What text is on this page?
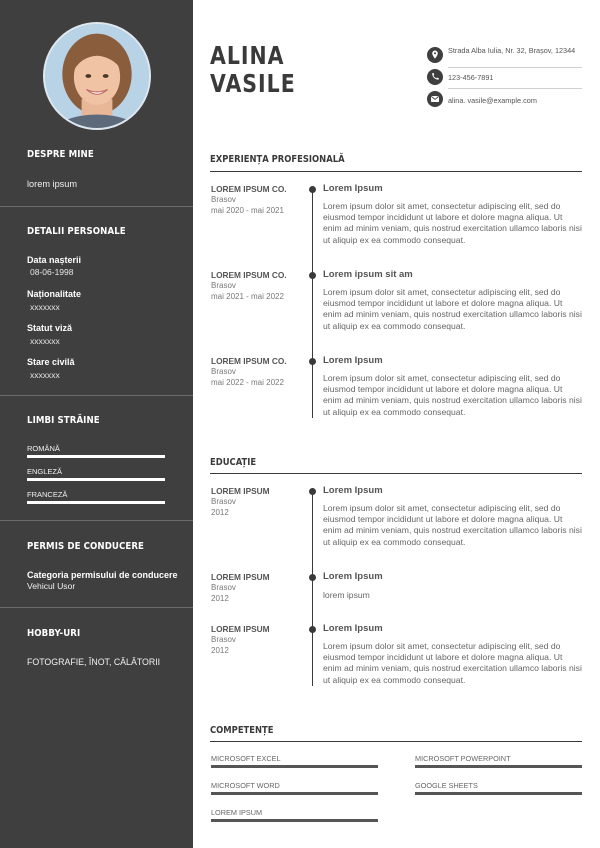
DESPRE MINE
lorem ipsum
DETALII PERSONALE
Data nașterii
08-06-1998
Naționalitate
xxxxxxx
Statut viză
xxxxxxx
Stare civilă
xxxxxxx
LIMBI STRĂINE
ROMÂNĂ
ENGLEZĂ
FRANCEZĂ
PERMIS DE CONDUCERE
Categoria permisului de conducere
Vehicul Usor
HOBBY-URI
FOTOGRAFIE, ÎNOT, CĂLĂTORII
ALINA
VASILE
Strada Alba Iulia, Nr. 32, Brașov, 12344
123-456-7891
alina. vasile@example.com
EXPERIENȚA PROFESIONALĂ
LOREM IPSUM CO.
Brasov
mai 2020 - mai 2021
Lorem Ipsum
Lorem ipsum dolor sit amet, consectetur adipiscing elit, sed do eiusmod tempor incididunt ut labore et dolore magna aliqua. Ut enim ad minim veniam, quis nostrud exercitation ullamco laboris nisi ut aliquip ex ea commodo consequat.
LOREM IPSUM CO.
Brasov
mai 2021 - mai 2022
Lorem ipsum sit am
Lorem ipsum dolor sit amet, consectetur adipiscing elit, sed do eiusmod tempor incididunt ut labore et dolore magna aliqua. Ut enim ad minim veniam, quis nostrud exercitation ullamco laboris nisi ut aliquip ex ea commodo consequat.
LOREM IPSUM CO.
Brasov
mai 2022 - mai 2022
Lorem Ipsum
Lorem ipsum dolor sit amet, consectetur adipiscing elit, sed do eiusmod tempor incididunt ut labore et dolore magna aliqua. Ut enim ad minim veniam, quis nostrud exercitation ullamco laboris nisi ut aliquip ex ea commodo consequat.
EDUCAȚIE
LOREM IPSUM
Brasov
2012
Lorem Ipsum
Lorem ipsum dolor sit amet, consectetur adipiscing elit, sed do eiusmod tempor incididunt ut labore et dolore magna aliqua. Ut enim ad minim veniam, quis nostrud exercitation ullamco laboris nisi ut aliquip ex ea commodo consequat.
LOREM IPSUM
Brasov
2012
Lorem Ipsum
lorem ipsum
LOREM IPSUM
Brasov
2012
Lorem Ipsum
Lorem ipsum dolor sit amet, consectetur adipiscing elit, sed do eiusmod tempor incididunt ut labore et dolore magna aliqua. Ut enim ad minim veniam, quis nostrud exercitation ullamco laboris nisi ut aliquip ex ea commodo consequat.
COMPETENȚE
MICROSOFT EXCEL	MICROSOFT POWERPOINT
MICROSOFT WORD	GOOGLE SHEETS
LOREM IPSUM
